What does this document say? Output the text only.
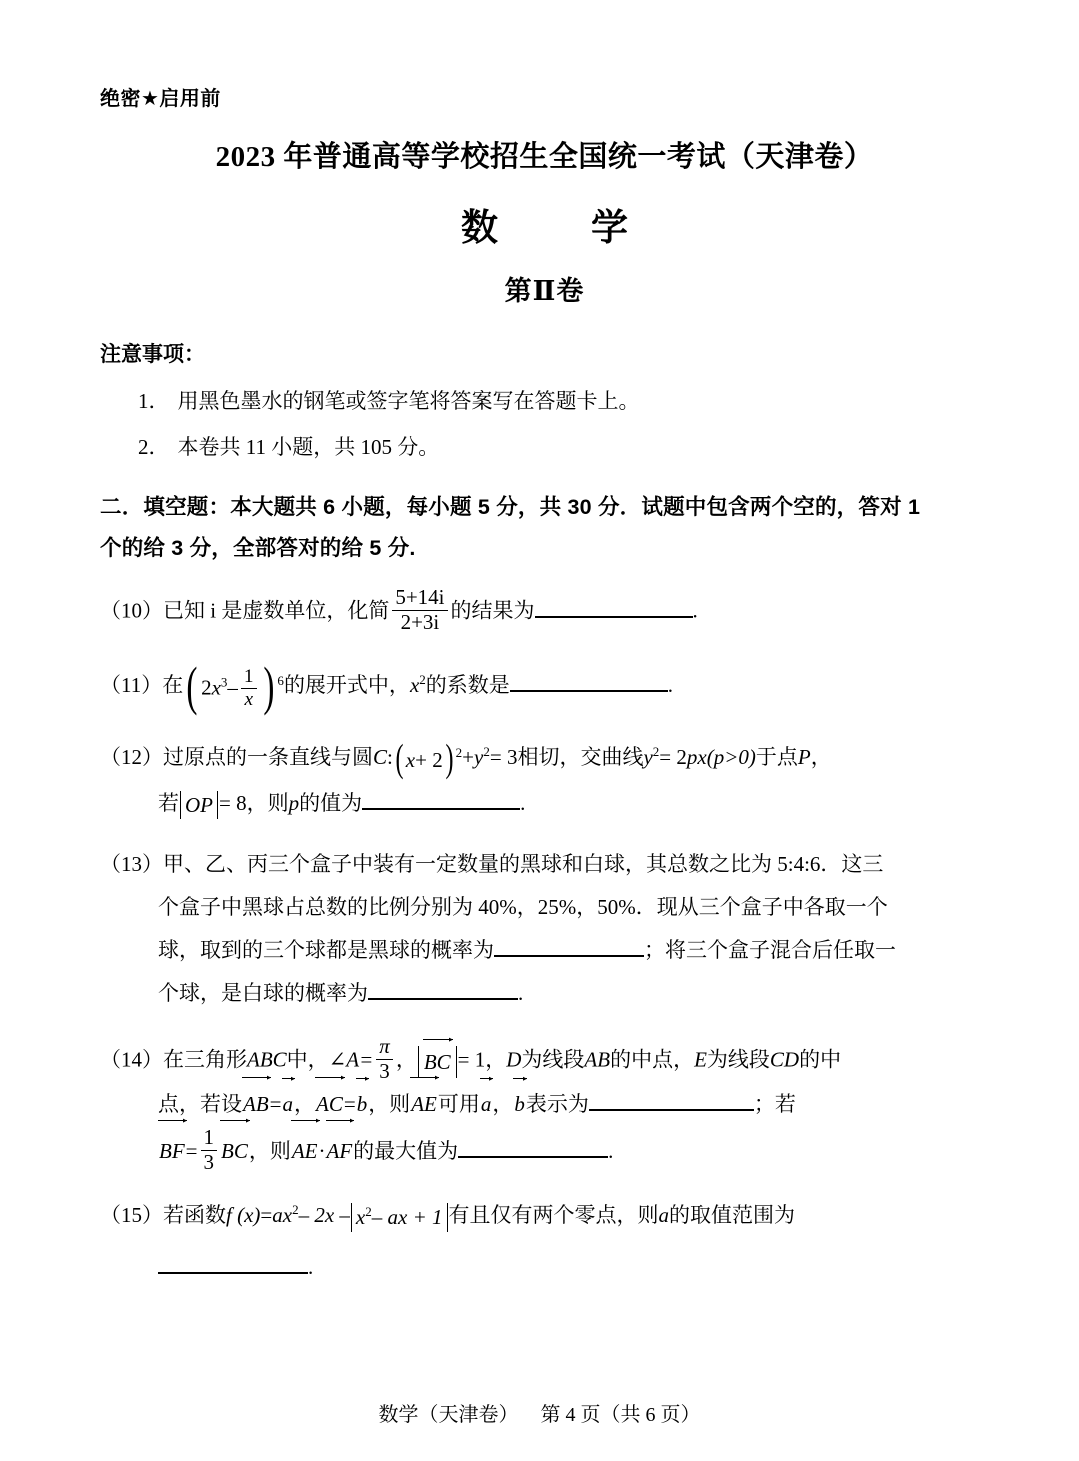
绝密★启用前
2023 年普通高等学校招生全国统一考试（天津卷）
数　学
第Ⅱ卷
注意事项：
1． 用黑色墨水的钢笔或签字笔将答案写在答题卡上。
2． 本卷共 11 小题，共 105 分。
二．填空题：本大题共 6 小题，每小题 5 分，共 30 分．试题中包含两个空的，答对 1
个的给 3 分，全部答对的给 5 分.
（10）已知 i 是虚数单位，化简 $\frac{5+14i}{2+3i}$ 的结果为	.
（11）在( $2x^3- \frac{1}{x}$ ) $^6$的展开式中，$x^2$的系数是	.
（12）过原点的一条直线与圆C:( x+ 2) $^2+y^2= 3$相切，交曲线$y^2= 2px(p>0)$于点P，
若 OP = 8，则p的值为	.
（13）甲、乙、丙三个盒子中装有一定数量的黑球和白球，其总数之比为 5:4:6．这三
个盒子中黑球占总数的比例分别为 40%，25%，50%．现从三个盒子中各取一个
球，取到的三个球都是黑球的概率为	；将三个盒子混合后任取一
个球，是白球的概率为	.
（14）在三角形ABC中，∠A= $\frac{\pi}{3}$ ， BC = 1，D为线段AB的中点，E为线段CD的中
点，若设AB=a，AC=b，则AE可用a，b表示为	；若
$BF= \frac{1}{3}$ BC，则AE·AF的最大值为	.
（15）若函数f $(x)=ax^2-$ $2x - x^2-$ ax + 1 有且仅有两个零点，则a的取值范围为
.
数学（天津卷） 第 4 页（共 6 页）
